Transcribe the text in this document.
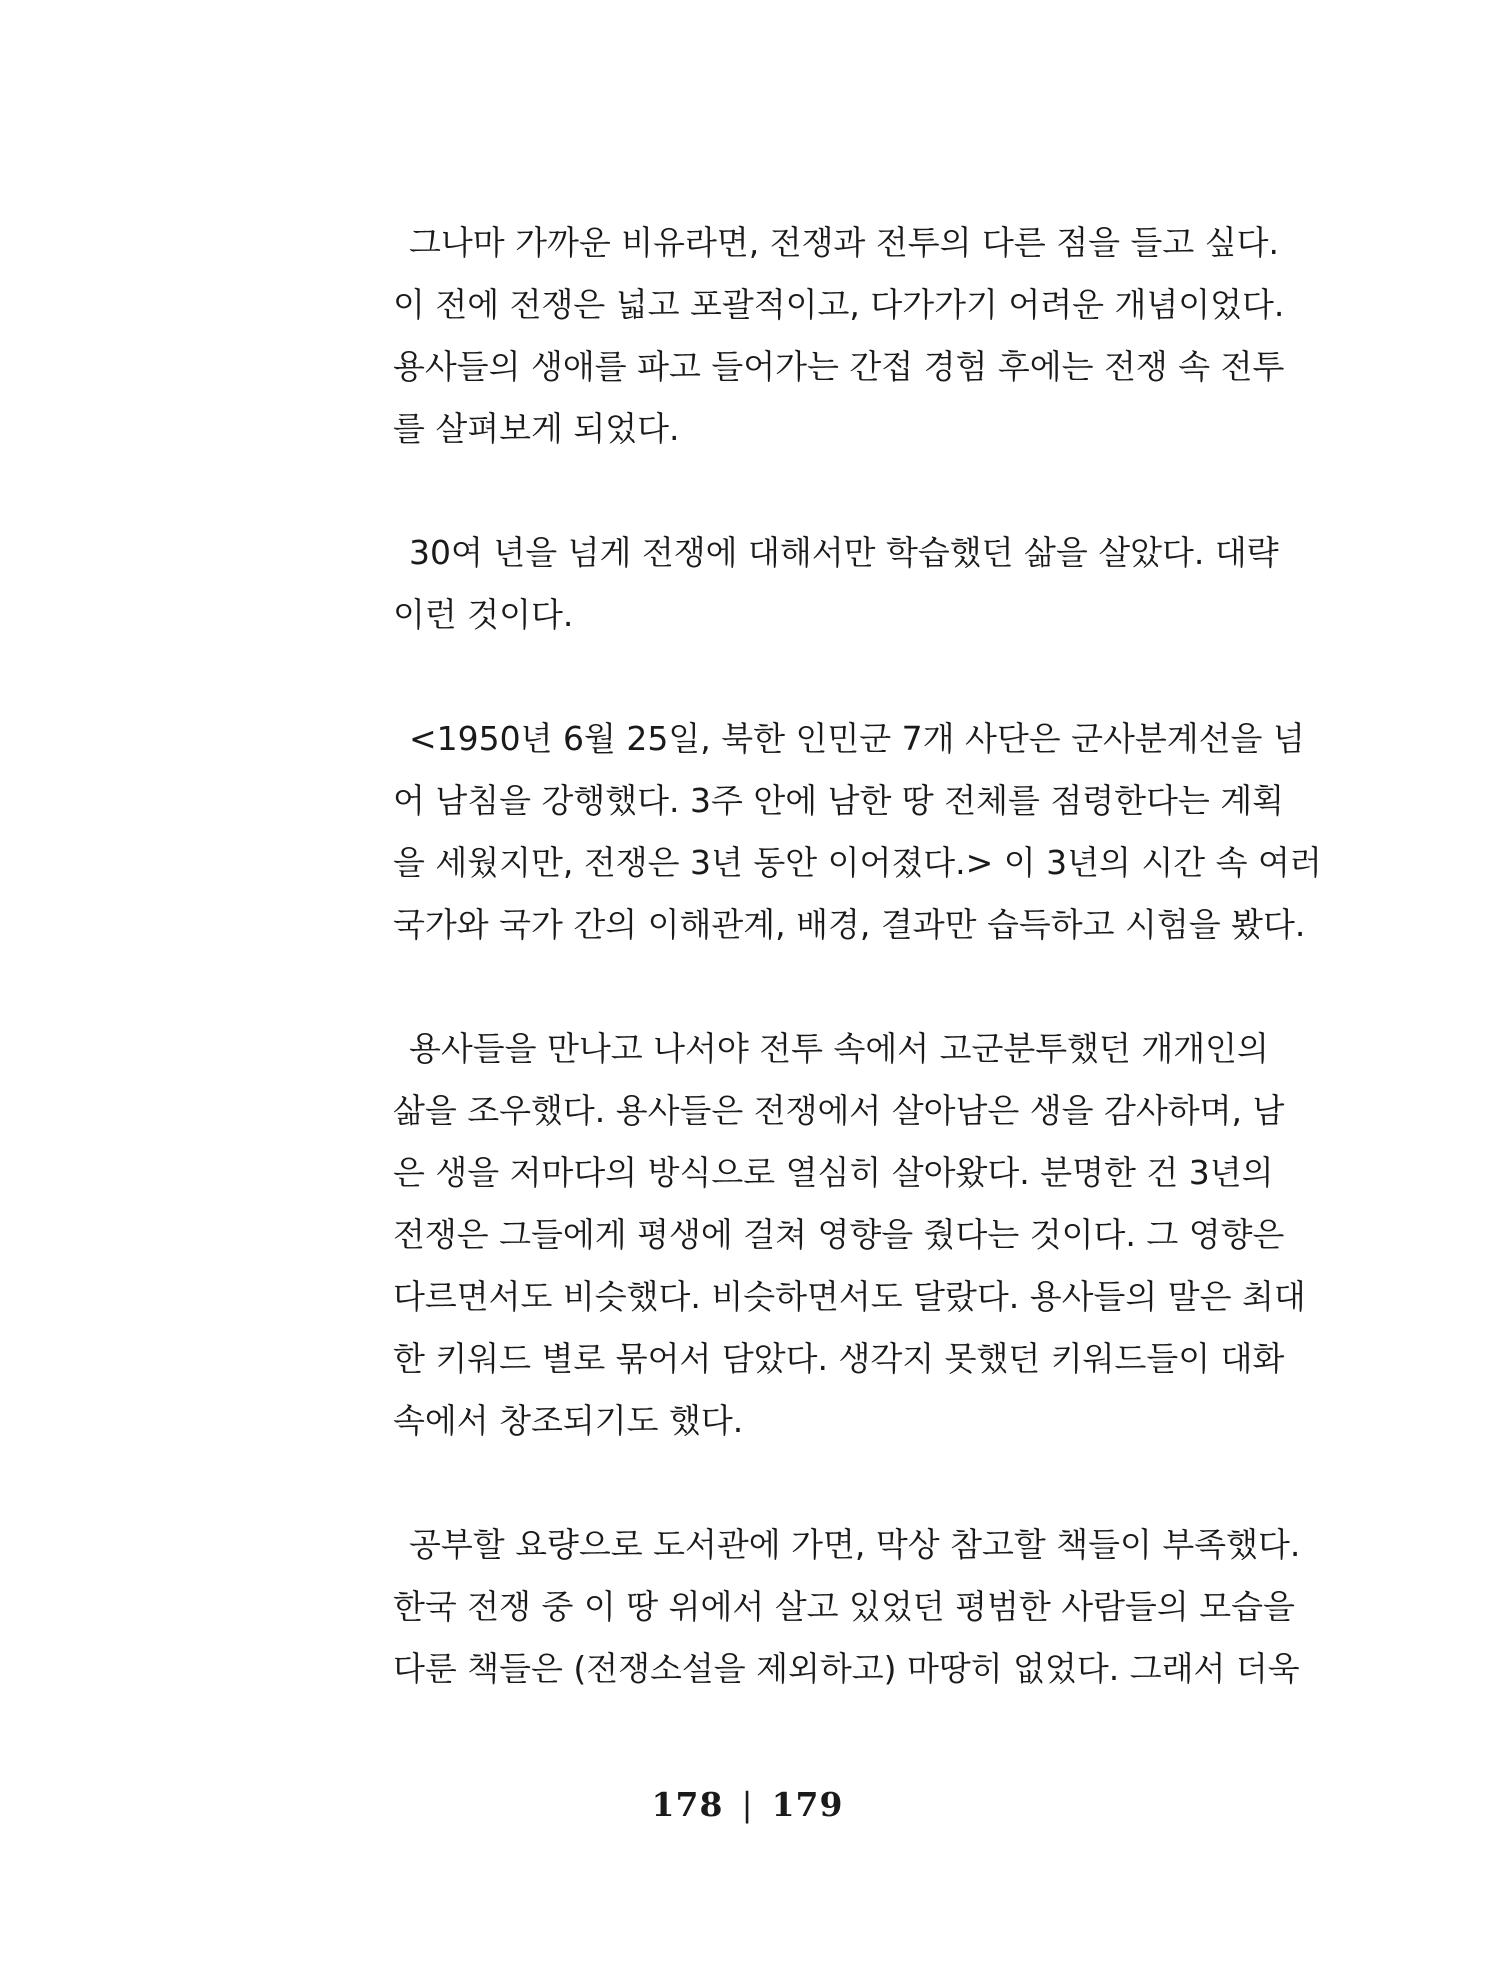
그나마 가까운 비유라면, 전쟁과 전투의 다른 점을 들고 싶다.
이 전에 전쟁은 넓고 포괄적이고, 다가가기 어려운 개념이었다.
용사들의 생애를 파고 들어가는 간접 경험 후에는 전쟁 속 전투
를 살펴보게 되었다.

30여 년을 넘게 전쟁에 대해서만 학습했던 삶을 살았다. 대략
이런 것이다.

<1950년 6월 25일, 북한 인민군 7개 사단은 군사분계선을 넘
어 남침을 강행했다. 3주 안에 남한 땅 전체를 점령한다는 계획
을 세웠지만, 전쟁은 3년 동안 이어졌다.> 이 3년의 시간 속 여러
국가와 국가 간의 이해관계, 배경, 결과만 습득하고 시험을 봤다.

용사들을 만나고 나서야 전투 속에서 고군분투했던 개개인의
삶을 조우했다. 용사들은 전쟁에서 살아남은 생을 감사하며, 남
은 생을 저마다의 방식으로 열심히 살아왔다. 분명한 건 3년의
전쟁은 그들에게 평생에 걸쳐 영향을 줬다는 것이다. 그 영향은
다르면서도 비슷했다. 비슷하면서도 달랐다. 용사들의 말은 최대
한 키워드 별로 묶어서 담았다. 생각지 못했던 키워드들이 대화
속에서 창조되기도 했다.

공부할 요량으로 도서관에 가면, 막상 참고할 책들이 부족했다.
한국 전쟁 중 이 땅 위에서 살고 있었던 평범한 사람들의 모습을
다룬 책들은 (전쟁소설을 제외하고) 마땅히 없었다. 그래서 더욱

178 | 179
